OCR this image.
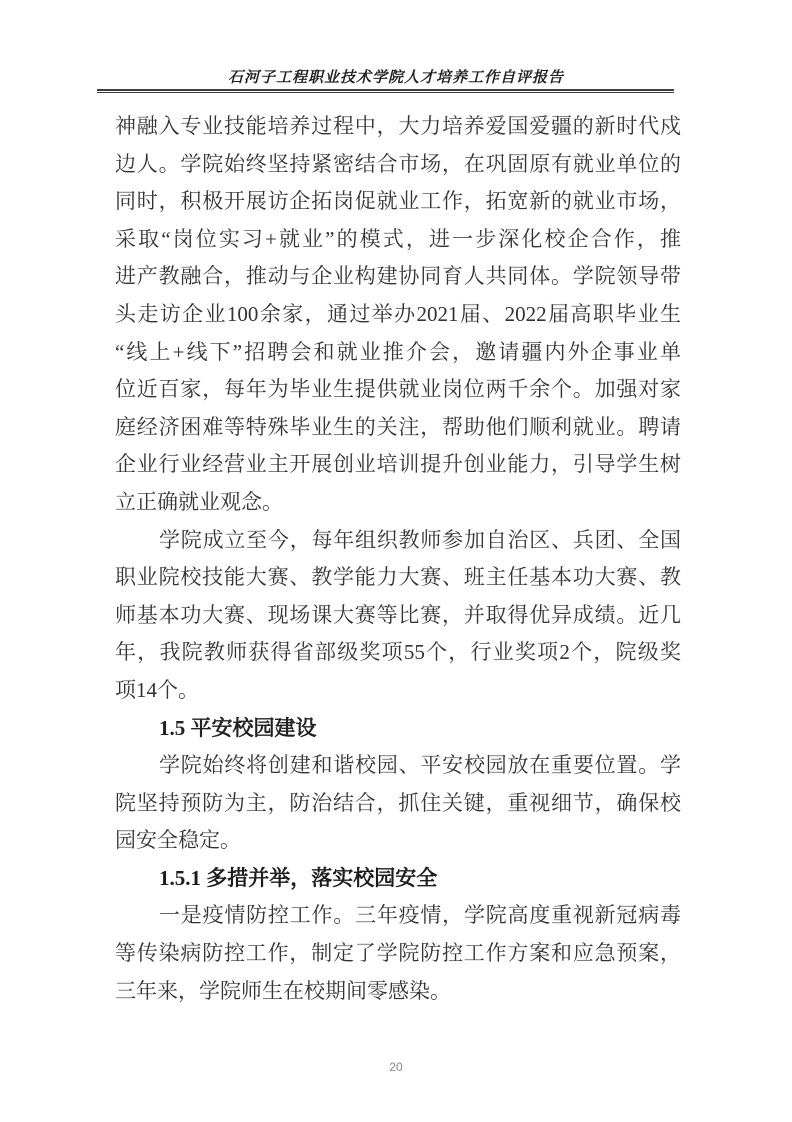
石河子工程职业技术学院人才培养工作自评报告
神融入专业技能培养过程中，大力培养爱国爱疆的新时代戍
边人。学院始终坚持紧密结合市场，在巩固原有就业单位的
同时，积极开展访企拓岗促就业工作，拓宽新的就业市场，
采取“岗位实习+就业”的模式，进一步深化校企合作，推
进产教融合，推动与企业构建协同育人共同体。学院领导带
头走访企业100余家，通过举办2021届、2022届高职毕业生
“线上+线下”招聘会和就业推介会，邀请疆内外企事业单
位近百家，每年为毕业生提供就业岗位两千余个。加强对家
庭经济困难等特殊毕业生的关注，帮助他们顺利就业。聘请
企业行业经营业主开展创业培训提升创业能力，引导学生树
立正确就业观念。
学院成立至今，每年组织教师参加自治区、兵团、全国
职业院校技能大赛、教学能力大赛、班主任基本功大赛、教
师基本功大赛、现场课大赛等比赛，并取得优异成绩。近几
年，我院教师获得省部级奖项55个，行业奖项2个，院级奖
项14个。
1.5 平安校园建设
学院始终将创建和谐校园、平安校园放在重要位置。学
院坚持预防为主，防治结合，抓住关键，重视细节，确保校
园安全稳定。
1.5.1 多措并举，落实校园安全
一是疫情防控工作。三年疫情，学院高度重视新冠病毒
等传染病防控工作，制定了学院防控工作方案和应急预案，
三年来，学院师生在校期间零感染。
20
